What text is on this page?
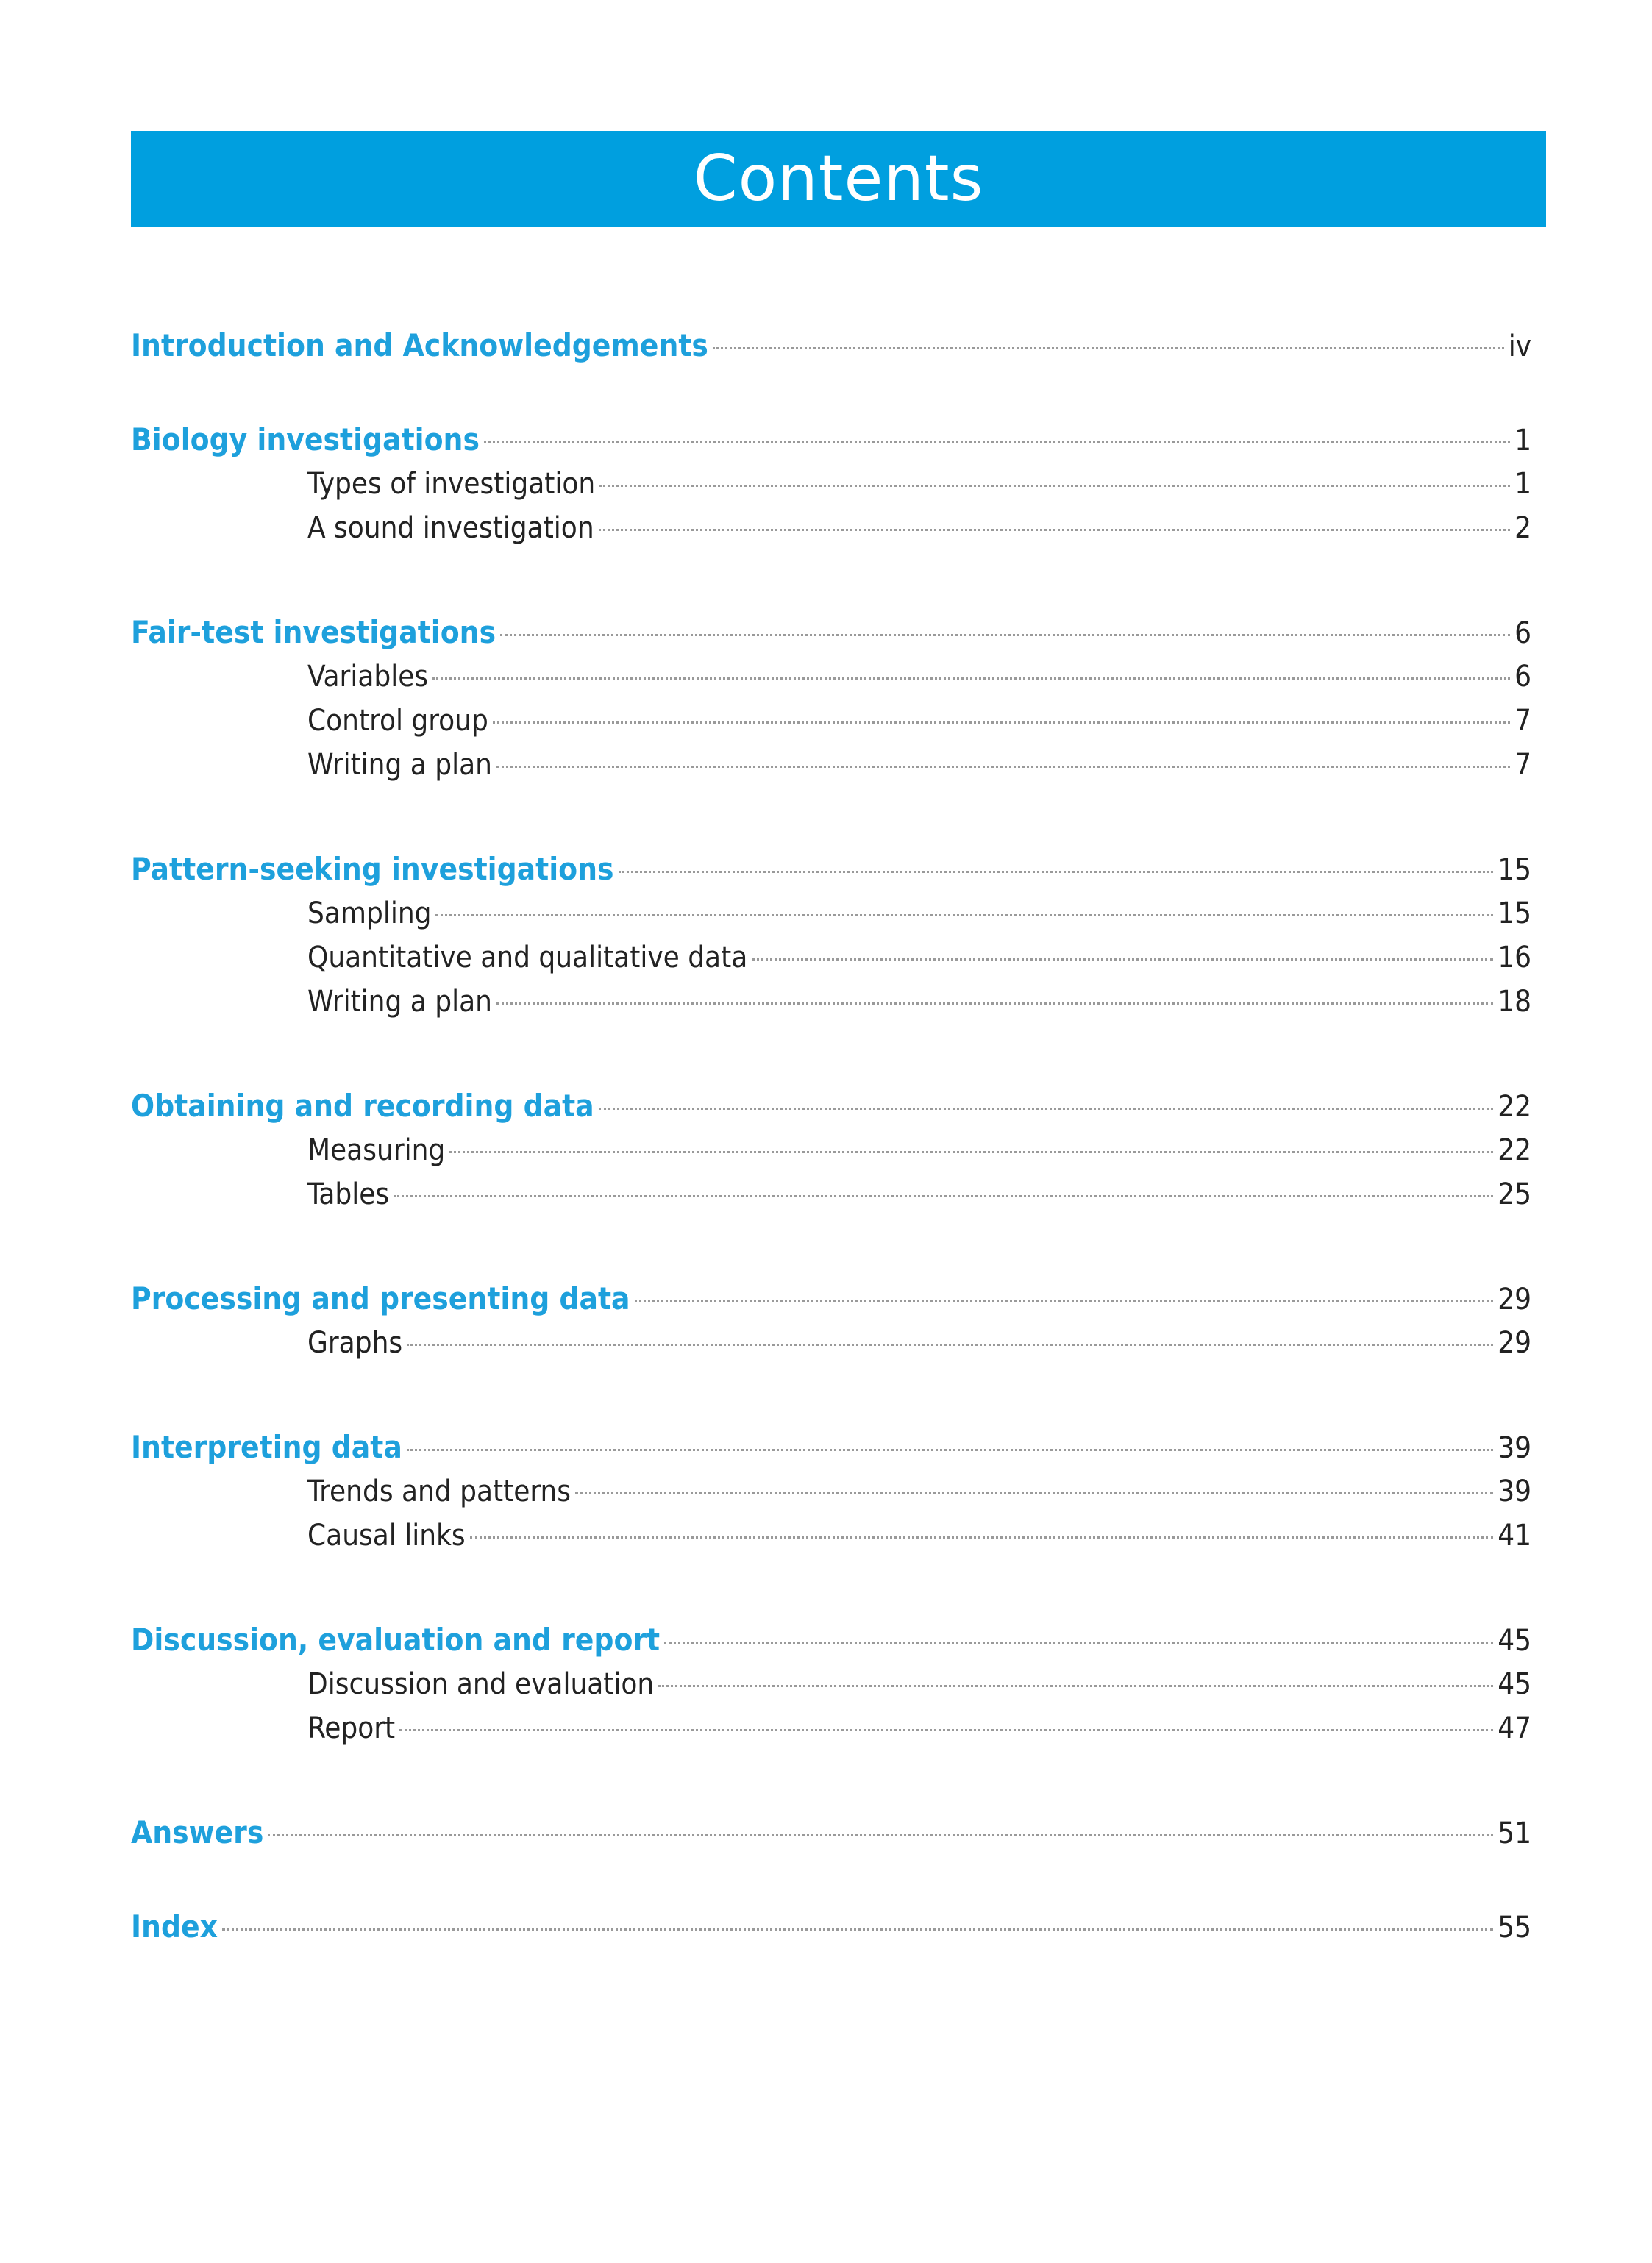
Contents
Introduction and Acknowledgements	iv
Biology investigations	1
Types of investigation	1
A sound investigation	2
Fair-test investigations	6
Variables	6
Control group	7
Writing a plan	7
Pattern-seeking investigations	15
Sampling	15
Quantitative and qualitative data	16
Writing a plan	18
Obtaining and recording data	22
Measuring	22
Tables	25
Processing and presenting data	29
Graphs	29
Interpreting data	39
Trends and patterns	39
Causal links	41
Discussion, evaluation and report	45
Discussion and evaluation	45
Report	47
Answers	51
Index	55
